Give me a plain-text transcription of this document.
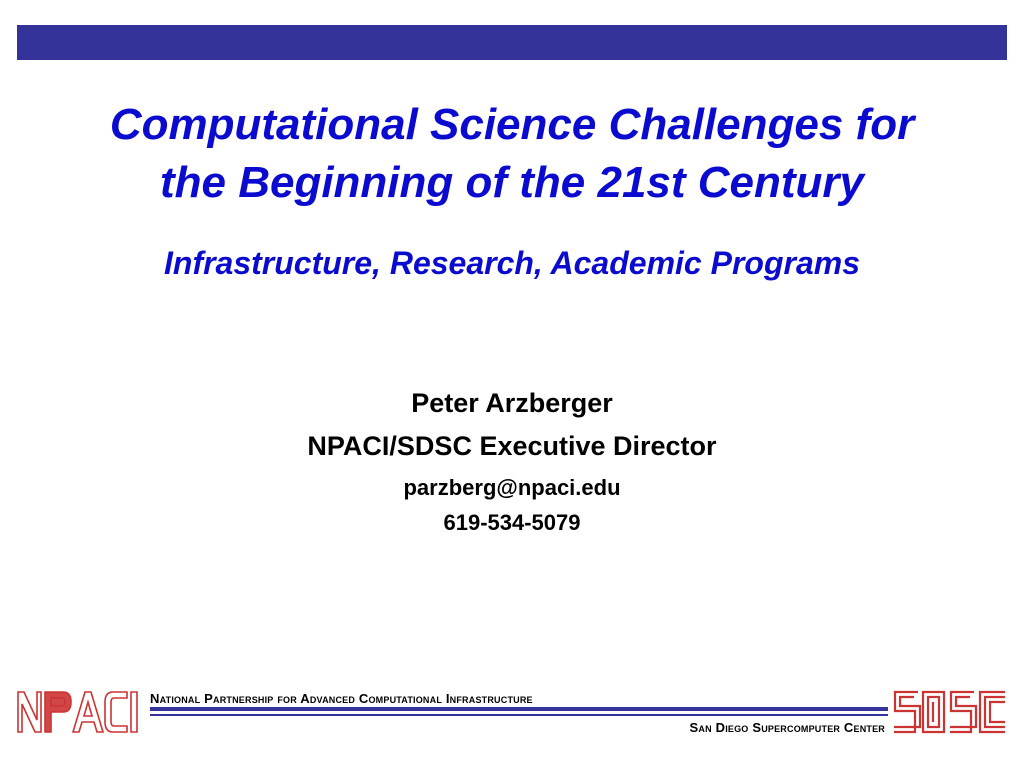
Computational Science Challenges for
the Beginning of the 21st Century
Infrastructure, Research, Academic Programs
Peter Arzberger
NPACI/SDSC Executive Director
parzberg@npaci.edu
619-534-5079
National Partnership for Advanced Computational Infrastructure
San Diego Supercomputer Center
